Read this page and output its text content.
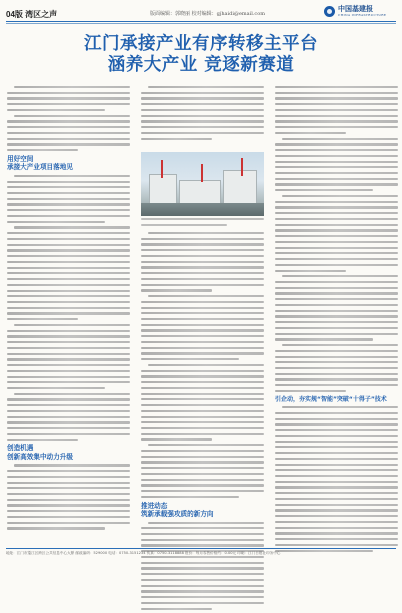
04版 湾区之声	版面编辑：郭晓丽 校对编辑：gjhaidi@email.com
中国基建报
CHINA INFRASTRUCTURE
江门承接产业有序转移主平台
涵养大产业 竞逐新赛道
用好空间
承接大产业项目落地见
创造机遇
创新高效集中动力升级
推进动态
筑新承载强攻质的新方向
引企动，夯实规“智能”突破“十得子”技术
地址：江门市蓬江区跨区公共信息中心大厦 邮政编码：529000 电话：0750-3151234 传真：0750-3118888 报价：每月零售价格约：0.00元 印刷：江门日报社印务中心
